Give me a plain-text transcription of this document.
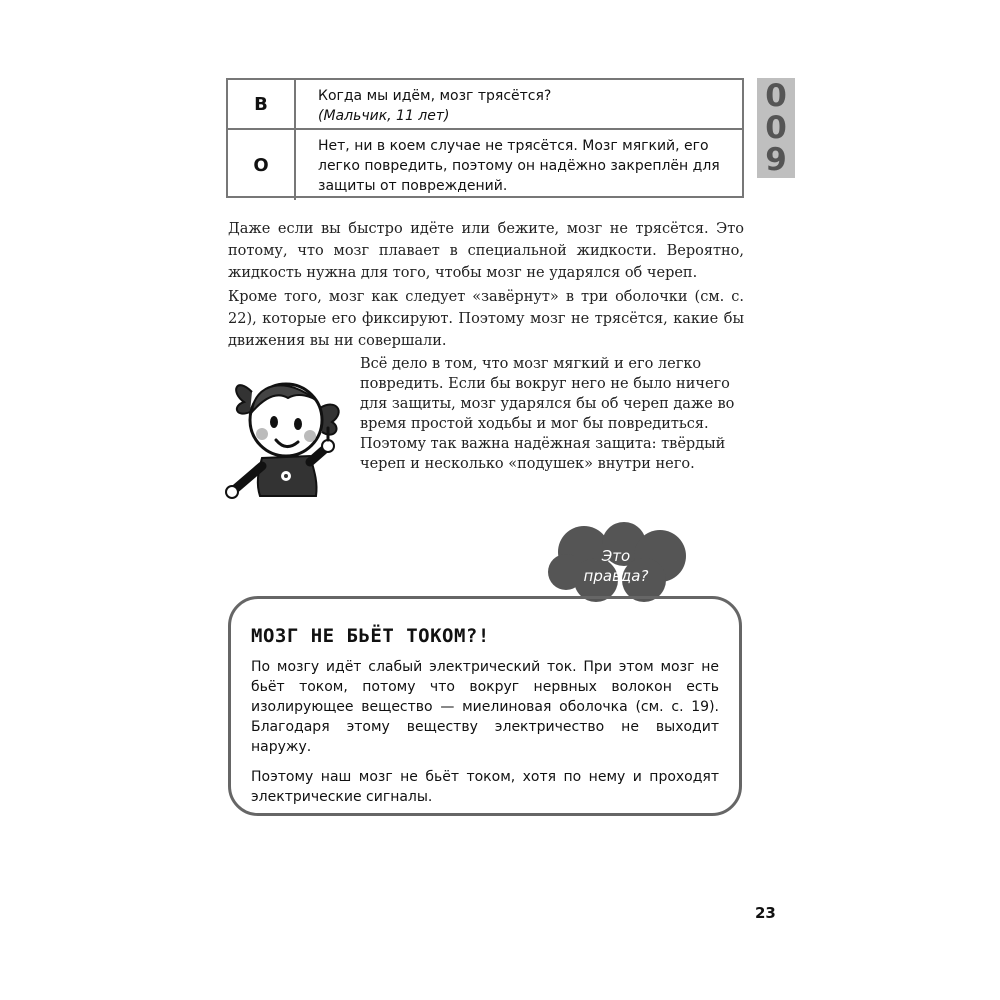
В	Когда мы идём, мозг трясётся?
(Мальчик, 11 лет)
О
Нет, ни в коем случае не трясётся. Мозг мягкий, его легко повредить, поэтому он надёжно закреплён для защиты от повреждений.
0
0
9

Даже если вы быстро идёте или бежите, мозг не трясётся. Это потому, что мозг плавает в специальной жидкости. Вероятно, жидкость нужна для того, чтобы мозг не ударялся об череп.

Кроме того, мозг как следует «завёрнут» в три оболочки (см. с. 22), которые его фиксируют. Поэтому мозг не трясётся, какие бы движения вы ни совершали.

Всё дело в том, что мозг мягкий и его легко повредить. Если бы вокруг него не было ничего для защиты, мозг ударялся бы об череп даже во время простой ходьбы и мог бы повредиться. Поэтому так важна надёжная защита: твёрдый череп и несколько «подушек» внутри него.

Это
правда?
МОЗГ НЕ БЬЁТ ТОКОМ?!

По мозгу идёт слабый электрический ток. При этом мозг не бьёт током, потому что вокруг нервных волокон есть изолирующее вещество — миелиновая оболочка (см. с. 19). Благодаря этому веществу электричество не выходит наружу.

Поэтому наш мозг не бьёт током, хотя по нему и проходят электрические сигналы.

23
